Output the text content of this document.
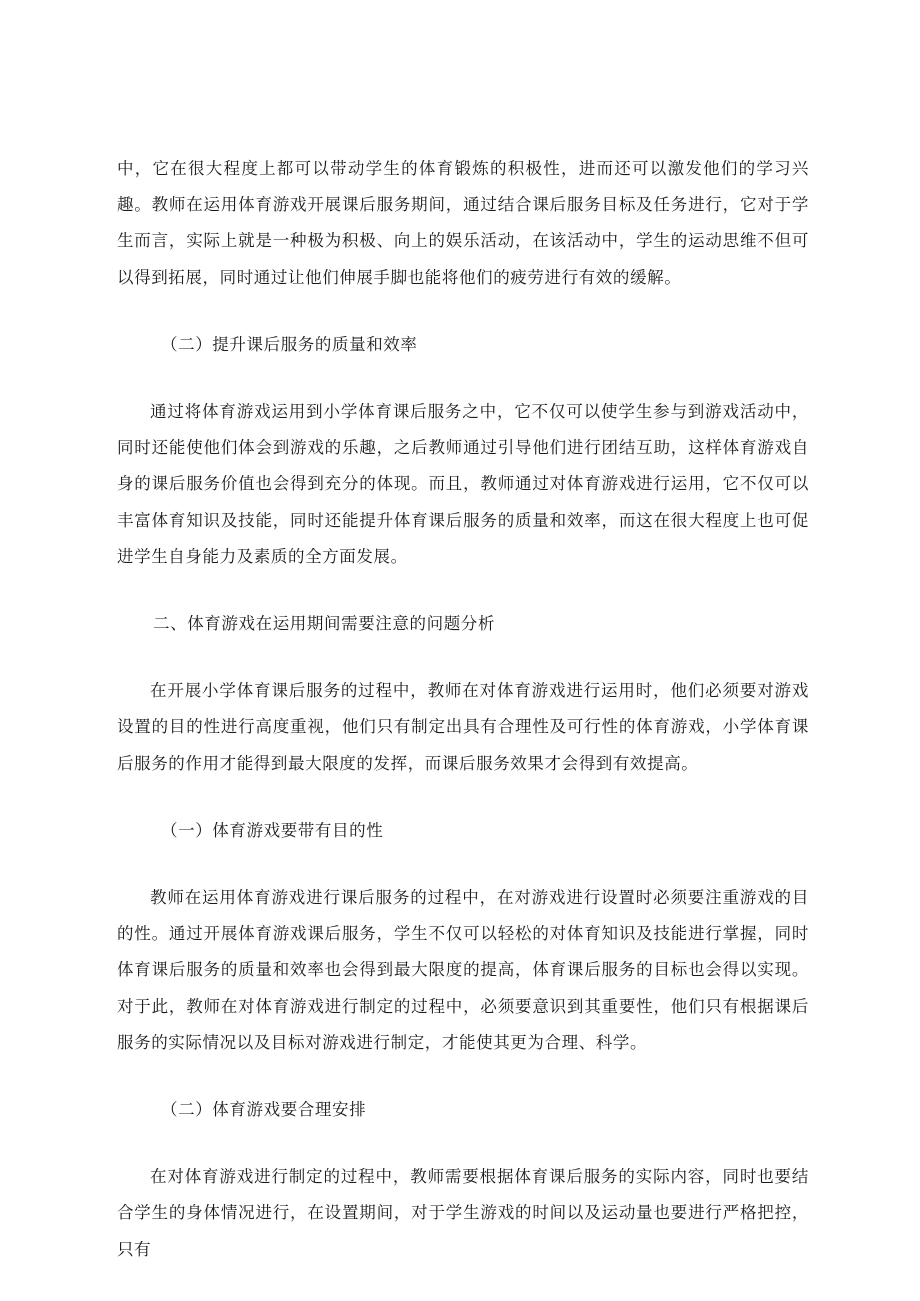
中，它在很大程度上都可以带动学生的体育锻炼的积极性，进而还可以激发他们的学习兴趣。教师在运用体育游戏开展课后服务期间，通过结合课后服务目标及任务进行，它对于学生而言，实际上就是一种极为积极、向上的娱乐活动，在该活动中，学生的运动思维不但可以得到拓展，同时通过让他们伸展手脚也能将他们的疲劳进行有效的缓解。

（二）提升课后服务的质量和效率

通过将体育游戏运用到小学体育课后服务之中，它不仅可以使学生参与到游戏活动中，同时还能使他们体会到游戏的乐趣，之后教师通过引导他们进行团结互助，这样体育游戏自身的课后服务价值也会得到充分的体现。而且，教师通过对体育游戏进行运用，它不仅可以丰富体育知识及技能，同时还能提升体育课后服务的质量和效率，而这在很大程度上也可促进学生自身能力及素质的全方面发展。

二、体育游戏在运用期间需要注意的问题分析

在开展小学体育课后服务的过程中，教师在对体育游戏进行运用时，他们必须要对游戏设置的目的性进行高度重视，他们只有制定出具有合理性及可行性的体育游戏，小学体育课后服务的作用才能得到最大限度的发挥，而课后服务效果才会得到有效提高。

（一）体育游戏要带有目的性

教师在运用体育游戏进行课后服务的过程中，在对游戏进行设置时必须要注重游戏的目的性。通过开展体育游戏课后服务，学生不仅可以轻松的对体育知识及技能进行掌握，同时体育课后服务的质量和效率也会得到最大限度的提高，体育课后服务的目标也会得以实现。对于此，教师在对体育游戏进行制定的过程中，必须要意识到其重要性，他们只有根据课后服务的实际情况以及目标对游戏进行制定，才能使其更为合理、科学。

（二）体育游戏要合理安排

在对体育游戏进行制定的过程中，教师需要根据体育课后服务的实际内容，同时也要结合学生的身体情况进行，在设置期间，对于学生游戏的时间以及运动量也要进行严格把控，只有
